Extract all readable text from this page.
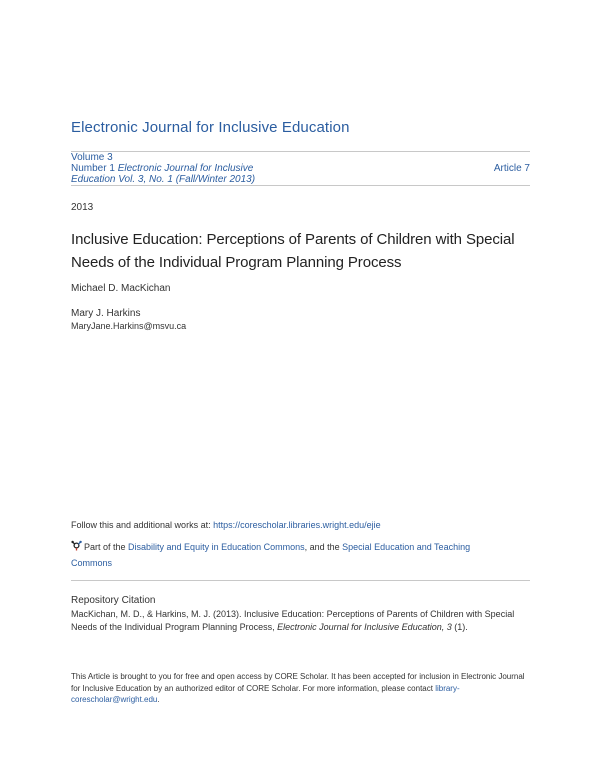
Electronic Journal for Inclusive Education
Volume 3
Number 1 Electronic Journal for Inclusive
Education Vol. 3, No. 1 (Fall/Winter 2013)
Article 7
2013
Inclusive Education: Perceptions of Parents of Children with Special Needs of the Individual Program Planning Process
Michael D. MacKichan
Mary J. Harkins
MaryJane.Harkins@msvu.ca
Follow this and additional works at: https://corescholar.libraries.wright.edu/ejie
Part of the Disability and Equity in Education Commons, and the Special Education and Teaching
Commons
Repository Citation
MacKichan, M. D., & Harkins, M. J. (2013). Inclusive Education: Perceptions of Parents of Children with Special Needs of the Individual Program Planning Process, Electronic Journal for Inclusive Education, 3 (1).
This Article is brought to you for free and open access by CORE Scholar. It has been accepted for inclusion in Electronic Journal for Inclusive Education by an authorized editor of CORE Scholar. For more information, please contact library-corescholar@wright.edu.
